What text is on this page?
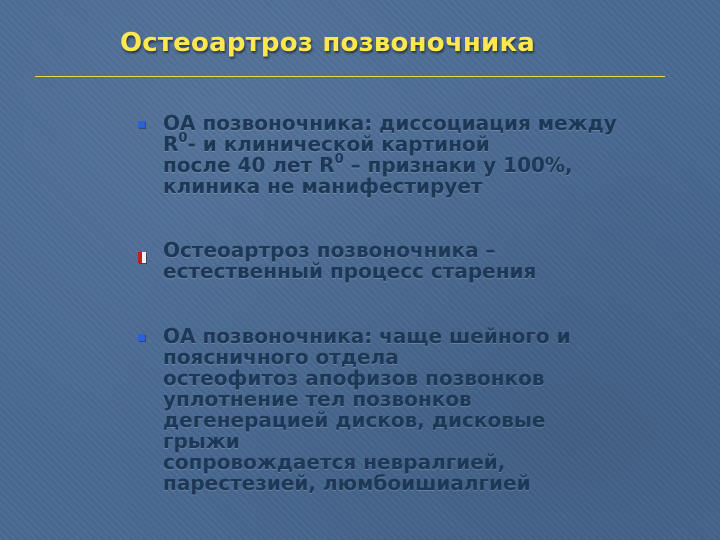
Остеоартроз позвоночника
ОА позвоночника: диссоциация между
$R^0-$ и клинической картиной
после 40 лет $R^0$ – признаки у 100%,
клиника не манифестирует
Остеоартроз позвоночника –
естественный процесс старения
ОА позвоночника: чаще шейного и
поясничного отдела
остеофитоз апофизов позвонков
уплотнение тел позвонков
дегенерацией дисков, дисковые
грыжи
сопровождается невралгией,
парестезией, люмбоишиалгией
